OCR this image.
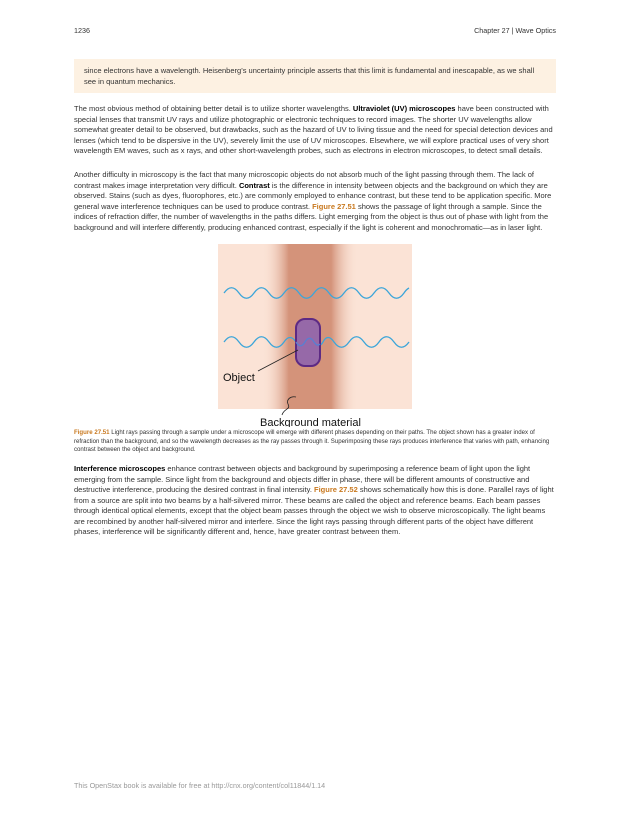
1236	Chapter 27 | Wave Optics
since electrons have a wavelength. Heisenberg’s uncertainty principle asserts that this limit is fundamental and inescapable, as we shall see in quantum mechanics.

The most obvious method of obtaining better detail is to utilize shorter wavelengths. Ultraviolet (UV) microscopes have been constructed with special lenses that transmit UV rays and utilize photographic or electronic techniques to record images. The shorter UV wavelengths allow somewhat greater detail to be observed, but drawbacks, such as the hazard of UV to living tissue and the need for special detection devices and lenses (which tend to be dispersive in the UV), severely limit the use of UV microscopes. Elsewhere, we will explore practical uses of very short wavelength EM waves, such as x rays, and other short-wavelength probes, such as electrons in electron microscopes, to detect small details.

Another difficulty in microscopy is the fact that many microscopic objects do not absorb much of the light passing through them. The lack of contrast makes image interpretation very difficult. Contrast is the difference in intensity between objects and the background on which they are observed. Stains (such as dyes, fluorophores, etc.) are commonly employed to enhance contrast, but these tend to be application specific. More general wave interference techniques can be used to produce contrast. Figure 27.51 shows the passage of light through a sample. Since the indices of refraction differ, the number of wavelengths in the paths differs. Light emerging from the object is thus out of phase with light from the background and will interfere differently, producing enhanced contrast, especially if the light is coherent and monochromatic—as in laser light.

Object
Background material

Figure 27.51 Light rays passing through a sample under a microscope will emerge with different phases depending on their paths. The object shown has a greater index of refraction than the background, and so the wavelength decreases as the ray passes through it. Superimposing these rays produces interference that varies with path, enhancing contrast between the object and background.

Interference microscopes enhance contrast between objects and background by superimposing a reference beam of light upon the light emerging from the sample. Since light from the background and objects differ in phase, there will be different amounts of constructive and destructive interference, producing the desired contrast in final intensity. Figure 27.52 shows schematically how this is done. Parallel rays of light from a source are split into two beams by a half-silvered mirror. These beams are called the object and reference beams. Each beam passes through identical optical elements, except that the object beam passes through the object we wish to observe microscopically. The light beams are recombined by another half-silvered mirror and interfere. Since the light rays passing through different parts of the object have different phases, interference will be significantly different and, hence, have greater contrast between them.

This OpenStax book is available for free at http://cnx.org/content/col11844/1.14
